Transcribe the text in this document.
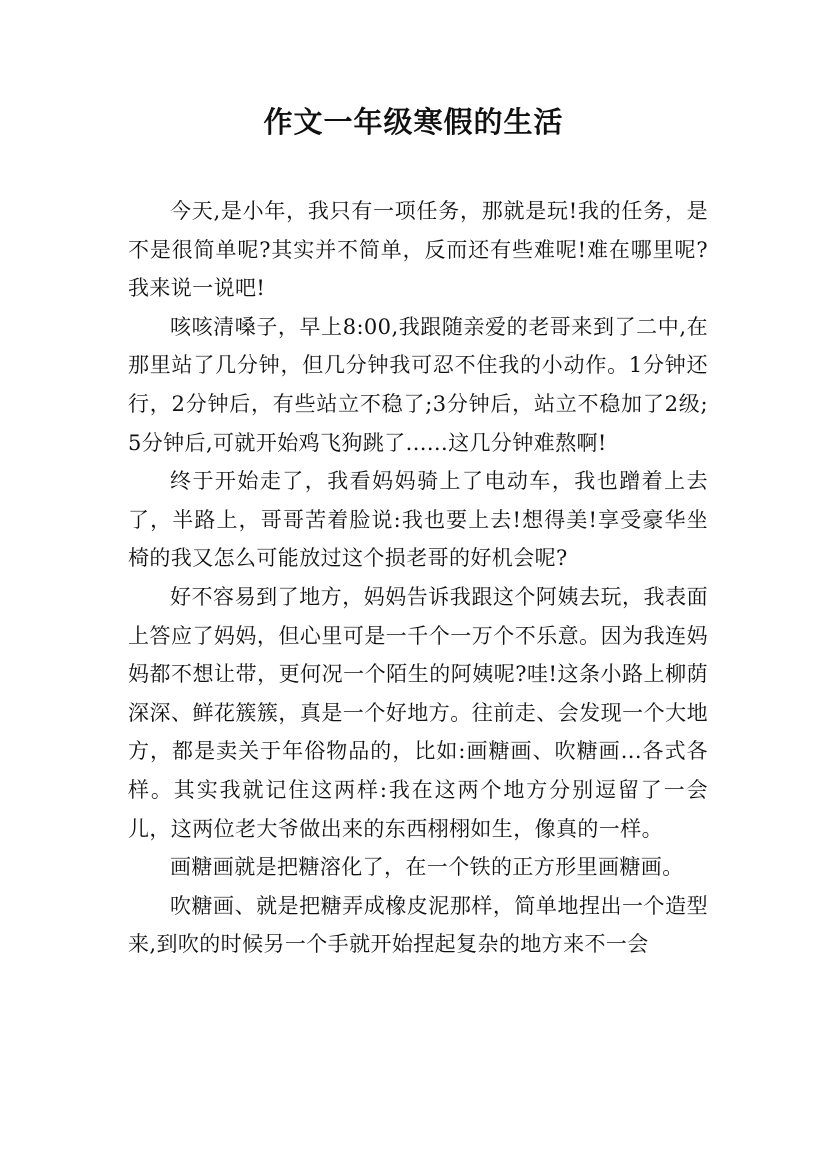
作文一年级寒假的生活

今天,是小年，我只有一项任务，那就是玩!我的任务，是不是很简单呢?其实并不简单，反而还有些难呢!难在哪里呢?我来说一说吧!

咳咳清嗓子，早上8:00,我跟随亲爱的老哥来到了二中,在那里站了几分钟，但几分钟我可忍不住我的小动作。1分钟还行，2分钟后，有些站立不稳了;3分钟后，站立不稳加了2级;5分钟后,可就开始鸡飞狗跳了......这几分钟难熬啊!

终于开始走了，我看妈妈骑上了电动车，我也蹭着上去了，半路上，哥哥苦着脸说:我也要上去!想得美!享受豪华坐椅的我又怎么可能放过这个损老哥的好机会呢?

好不容易到了地方，妈妈告诉我跟这个阿姨去玩，我表面上答应了妈妈，但心里可是一千个一万个不乐意。因为我连妈妈都不想让带，更何况一个陌生的阿姨呢?哇!这条小路上柳荫深深、鲜花簇簇，真是一个好地方。往前走、会发现一个大地方，都是卖关于年俗物品的，比如:画糖画、吹糖画...各式各样。其实我就记住这两样:我在这两个地方分别逗留了一会儿，这两位老大爷做出来的东西栩栩如生，像真的一样。

画糖画就是把糖溶化了，在一个铁的正方形里画糖画。

吹糖画、就是把糖弄成橡皮泥那样，简单地捏出一个造型来,到吹的时候另一个手就开始捏起复杂的地方来不一会
